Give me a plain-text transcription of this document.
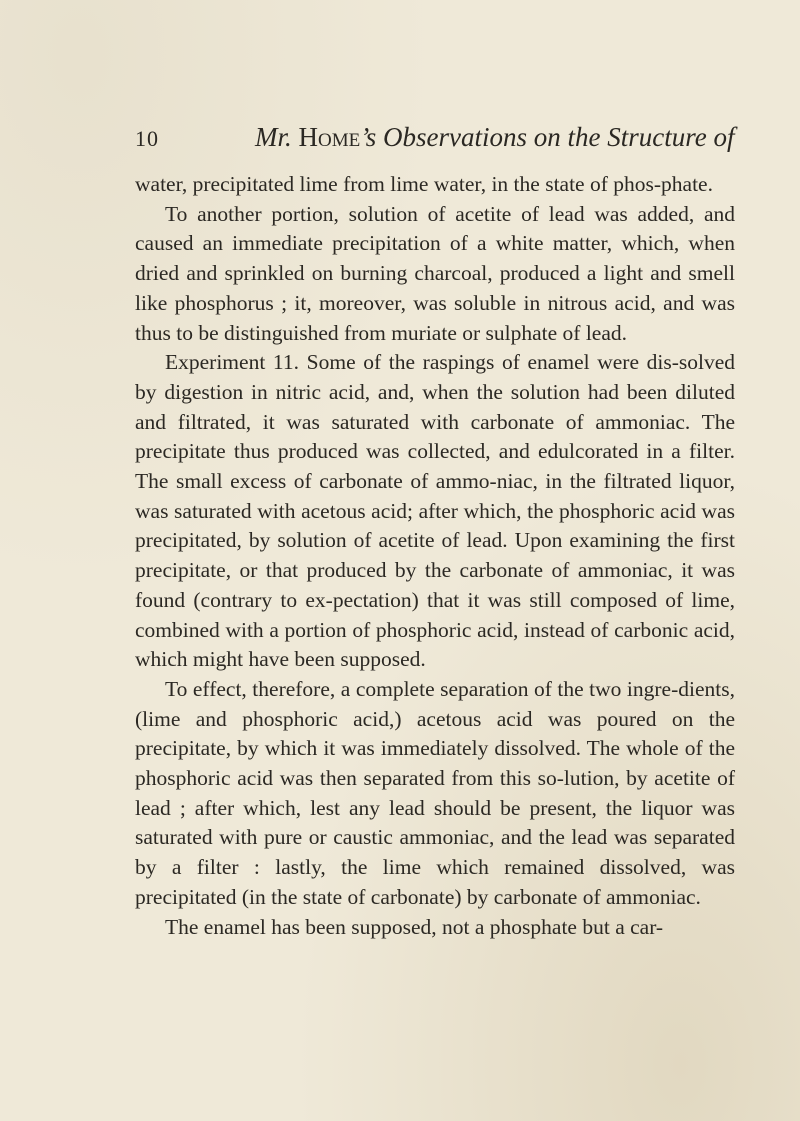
10	Mr. Home’s Observations on the Structure of

water, precipitated lime from lime water, in the state of phos-phate.

To another portion, solution of acetite of lead was added, and caused an immediate precipitation of a white matter, which, when dried and sprinkled on burning charcoal, produced a light and smell like phosphorus ; it, moreover, was soluble in nitrous acid, and was thus to be distinguished from muriate or sulphate of lead.

Experiment 11. Some of the raspings of enamel were dis-solved by digestion in nitric acid, and, when the solution had been diluted and filtrated, it was saturated with carbonate of ammoniac. The precipitate thus produced was collected, and edulcorated in a filter. The small excess of carbonate of ammo-niac, in the filtrated liquor, was saturated with acetous acid; after which, the phosphoric acid was precipitated, by solution of acetite of lead. Upon examining the first precipitate, or that produced by the carbonate of ammoniac, it was found (contrary to ex-pectation) that it was still composed of lime, combined with a portion of phosphoric acid, instead of carbonic acid, which might have been supposed.

To effect, therefore, a complete separation of the two ingre-dients, (lime and phosphoric acid,) acetous acid was poured on the precipitate, by which it was immediately dissolved. The whole of the phosphoric acid was then separated from this so-lution, by acetite of lead ; after which, lest any lead should be present, the liquor was saturated with pure or caustic ammoniac, and the lead was separated by a filter : lastly, the lime which remained dissolved, was precipitated (in the state of carbonate) by carbonate of ammoniac.

The enamel has been supposed, not a phosphate but a car-
